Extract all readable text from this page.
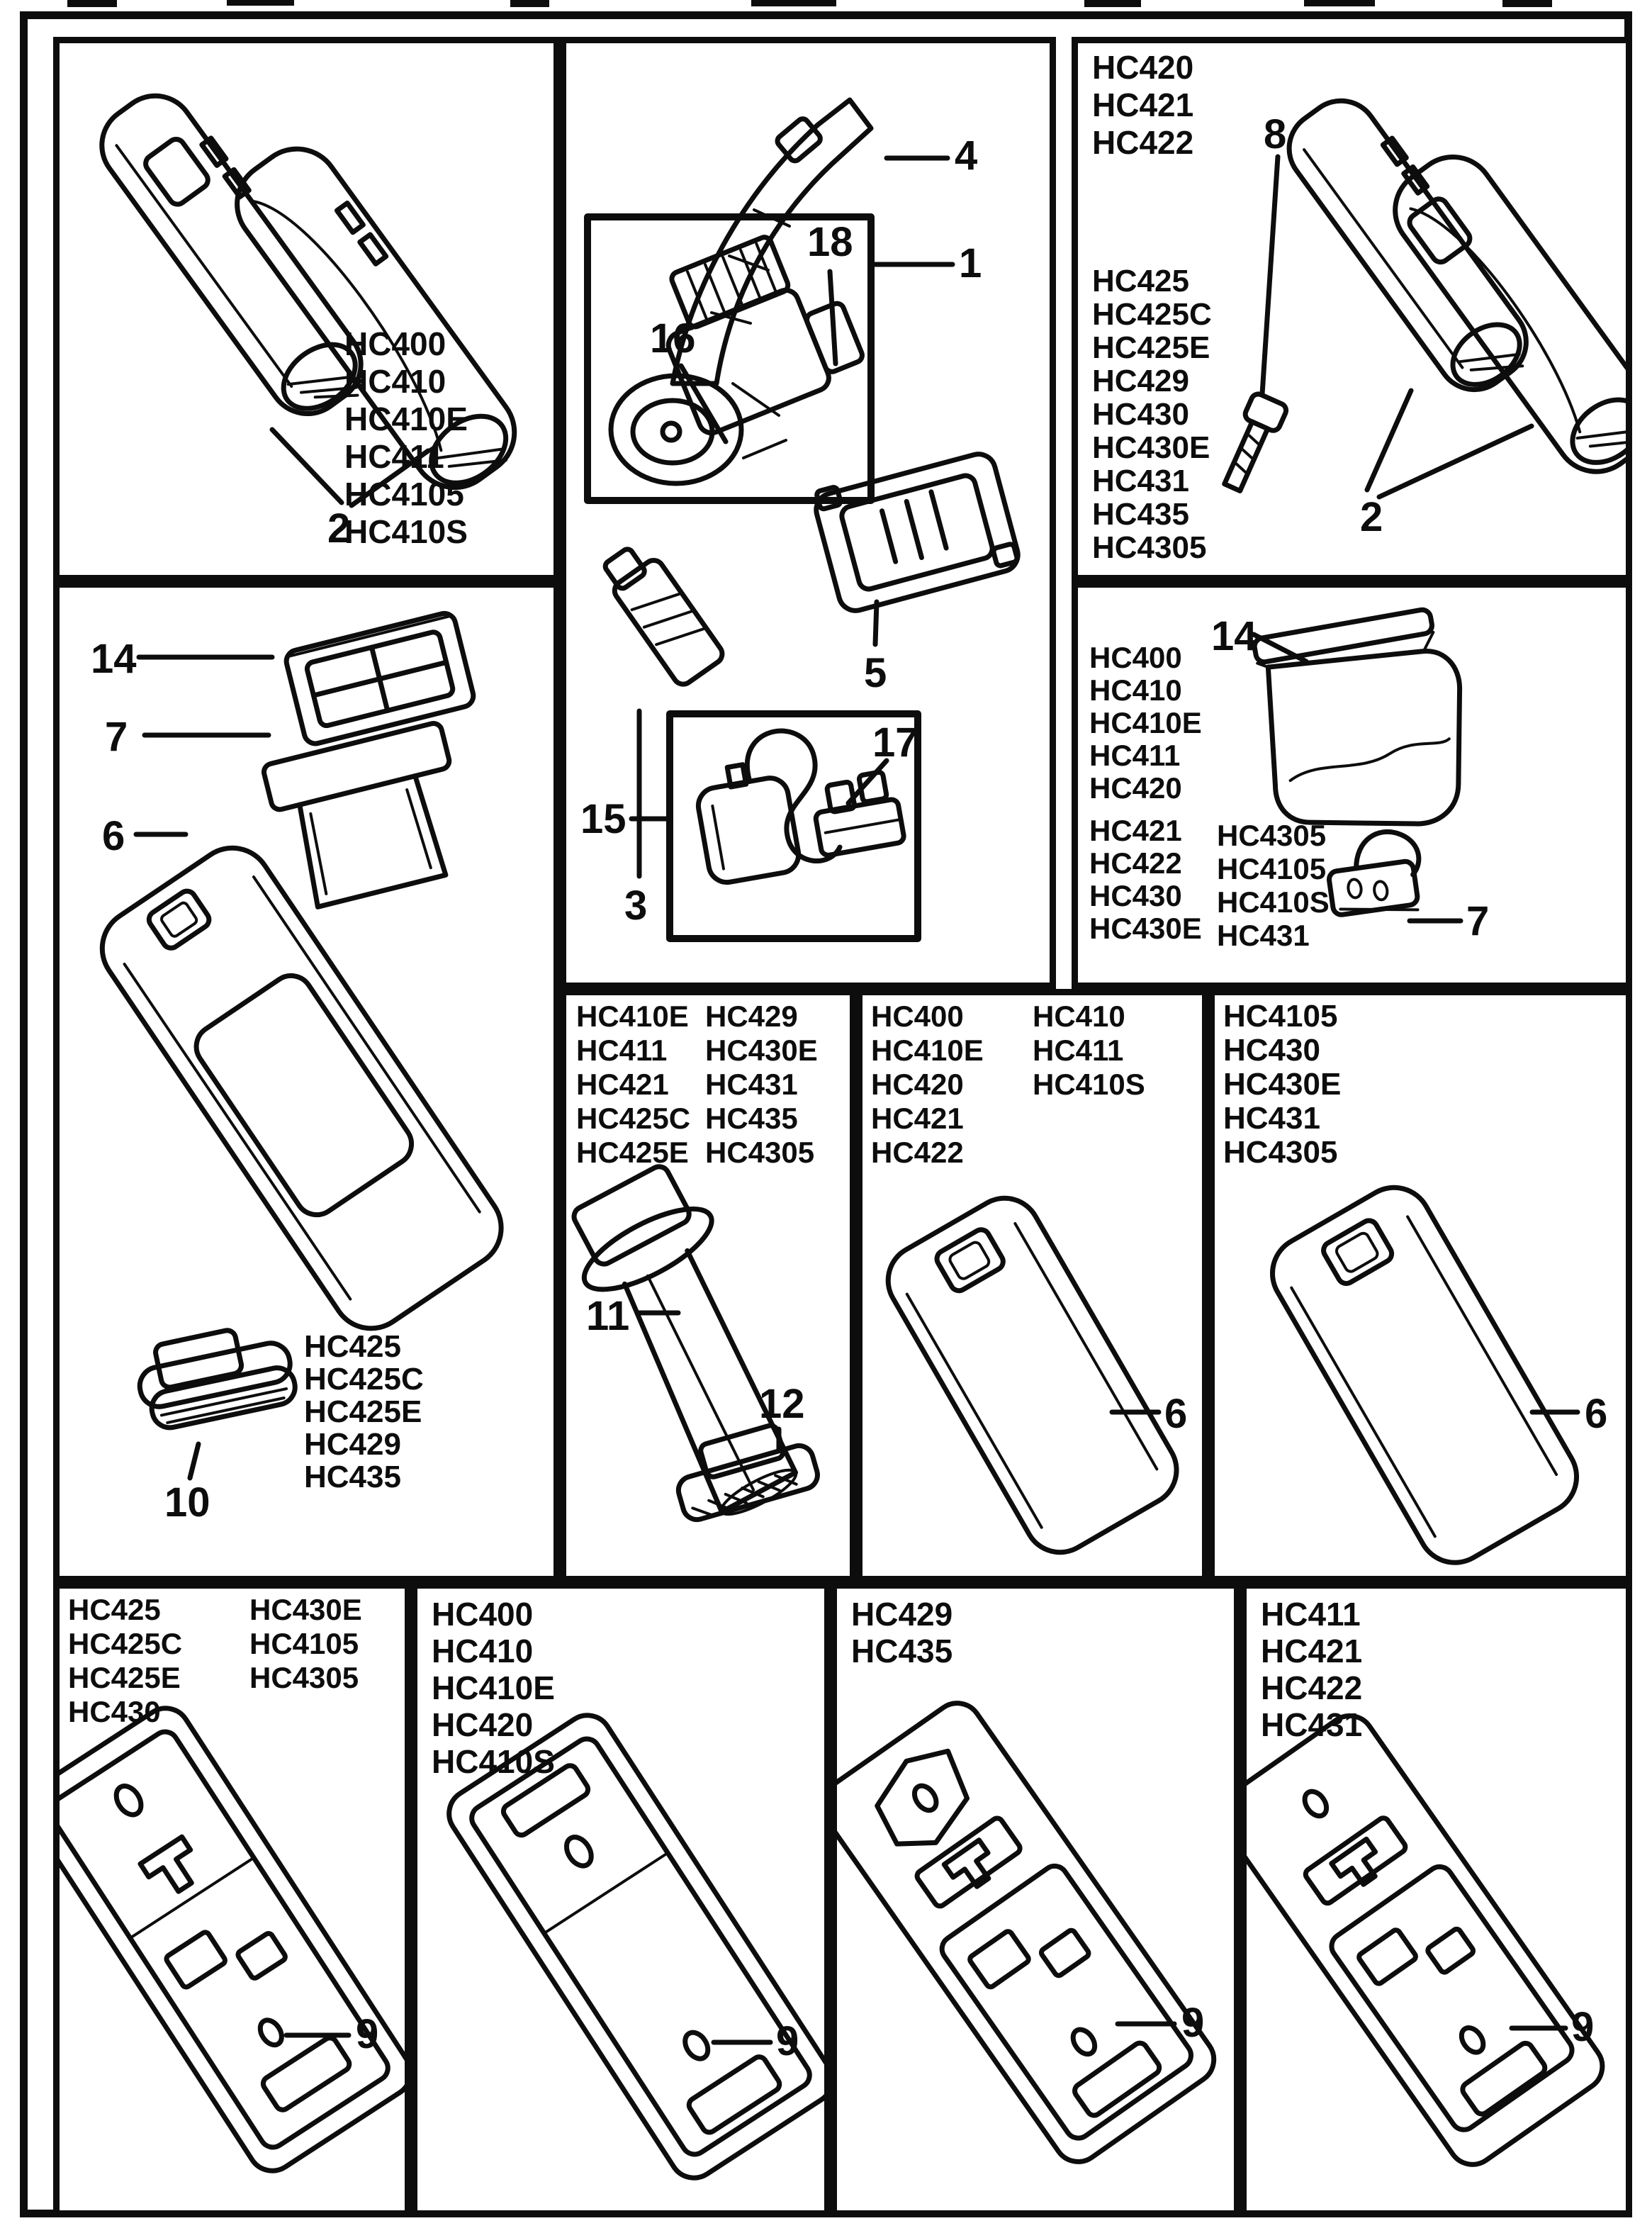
2
HC400
HC410
HC410E
HC411
HC4105
HC410S
4
1
18
16
3
5
15
17
HC420
HC421
HC422 8
HC425
HC425C
HC425E
HC429
HC430
HC430E
HC431
HC435
HC4305
2
14
HC400
HC410
HC410E
HC411
HC420
HC421
HC422
HC430
HC430E
HC4305
HC4105
HC410S
HC431	7
14
7
6
10
HC425
HC425C
HC425E
HC429
HC435
HC410E
HC411
HC421
HC425C
HC425E
HC429
HC430E
HC431
HC435
HC4305
11
12
HC400
HC410E
HC420
HC421
HC422
HC410
HC411
HC410S
6
HC4105
HC430
HC430E
HC431
HC4305
6
HC425
HC425C
HC425E
HC430
HC430E
HC4105
HC4305
9
HC400
HC410
HC410E
HC420
HC410S
9
HC429
HC435
9
HC411
HC421
HC422
HC431
9
